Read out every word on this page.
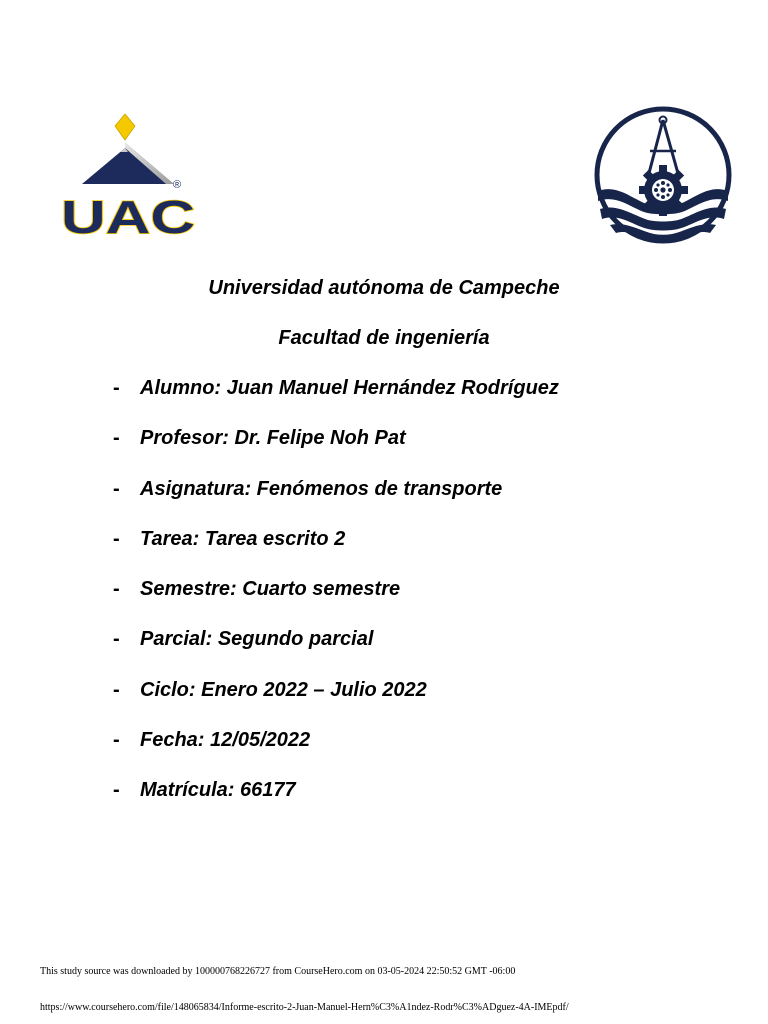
®
UAC
Universidad autónoma de Campeche
Facultad de ingeniería
- Alumno: Juan Manuel Hernández Rodríguez
- Profesor: Dr. Felipe Noh Pat
- Asignatura: Fenómenos de transporte
- Tarea: Tarea escrito 2
- Semestre: Cuarto semestre
- Parcial: Segundo parcial
- Ciclo: Enero 2022 – Julio 2022
- Fecha: 12/05/2022
- Matrícula: 66177
This study source was downloaded by 100000768226727 from CourseHero.com on 03-05-2024 22:50:52 GMT -06:00
https://www.coursehero.com/file/148065834/Informe-escrito-2-Juan-Manuel-Hern%C3%A1ndez-Rodr%C3%ADguez-4A-IMEpdf/
